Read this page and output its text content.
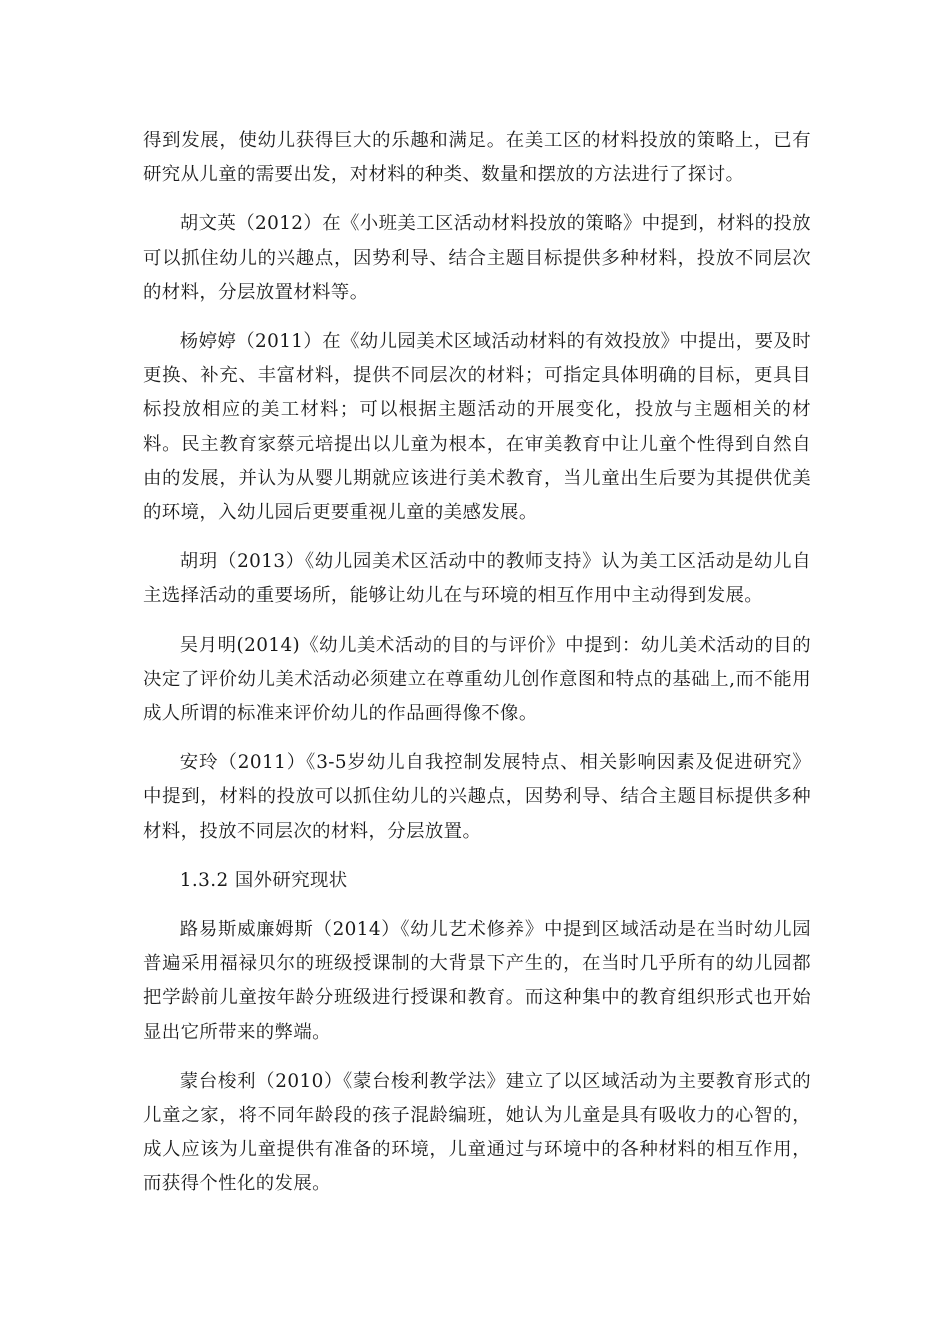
得到发展，使幼儿获得巨大的乐趣和满足。在美工区的材料投放的策略上，已有研究从儿童的需要出发，对材料的种类、数量和摆放的方法进行了探讨。

胡文英（2012）在《小班美工区活动材料投放的策略》中提到，材料的投放可以抓住幼儿的兴趣点，因势利导、结合主题目标提供多种材料，投放不同层次的材料，分层放置材料等。

杨婷婷（2011）在《幼儿园美术区域活动材料的有效投放》中提出，要及时更换、补充、丰富材料，提供不同层次的材料；可指定具体明确的目标，更具目标投放相应的美工材料；可以根据主题活动的开展变化，投放与主题相关的材料。民主教育家蔡元培提出以儿童为根本，在审美教育中让儿童个性得到自然自由的发展，并认为从婴儿期就应该进行美术教育，当儿童出生后要为其提供优美的环境，入幼儿园后更要重视儿童的美感发展。

胡玥（2013）《幼儿园美术区活动中的教师支持》认为美工区活动是幼儿自主选择活动的重要场所，能够让幼儿在与环境的相互作用中主动得到发展。

吴月明(2014)《幼儿美术活动的目的与评价》中提到：幼儿美术活动的目的决定了评价幼儿美术活动必须建立在尊重幼儿创作意图和特点的基础上,而不能用成人所谓的标准来评价幼儿的作品画得像不像。

安玲（2011）《3-5岁幼儿自我控制发展特点、相关影响因素及促进研究》中提到，材料的投放可以抓住幼儿的兴趣点，因势利导、结合主题目标提供多种材料，投放不同层次的材料，分层放置。

1.3.2 国外研究现状

路易斯威廉姆斯（2014）《幼儿艺术修养》中提到区域活动是在当时幼儿园普遍采用福禄贝尔的班级授课制的大背景下产生的，在当时几乎所有的幼儿园都把学龄前儿童按年龄分班级进行授课和教育。而这种集中的教育组织形式也开始显出它所带来的弊端。

蒙台梭利（2010）《蒙台梭利教学法》建立了以区域活动为主要教育形式的儿童之家，将不同年龄段的孩子混龄编班，她认为儿童是具有吸收力的心智的，成人应该为儿童提供有准备的环境，儿童通过与环境中的各种材料的相互作用，而获得个性化的发展。
